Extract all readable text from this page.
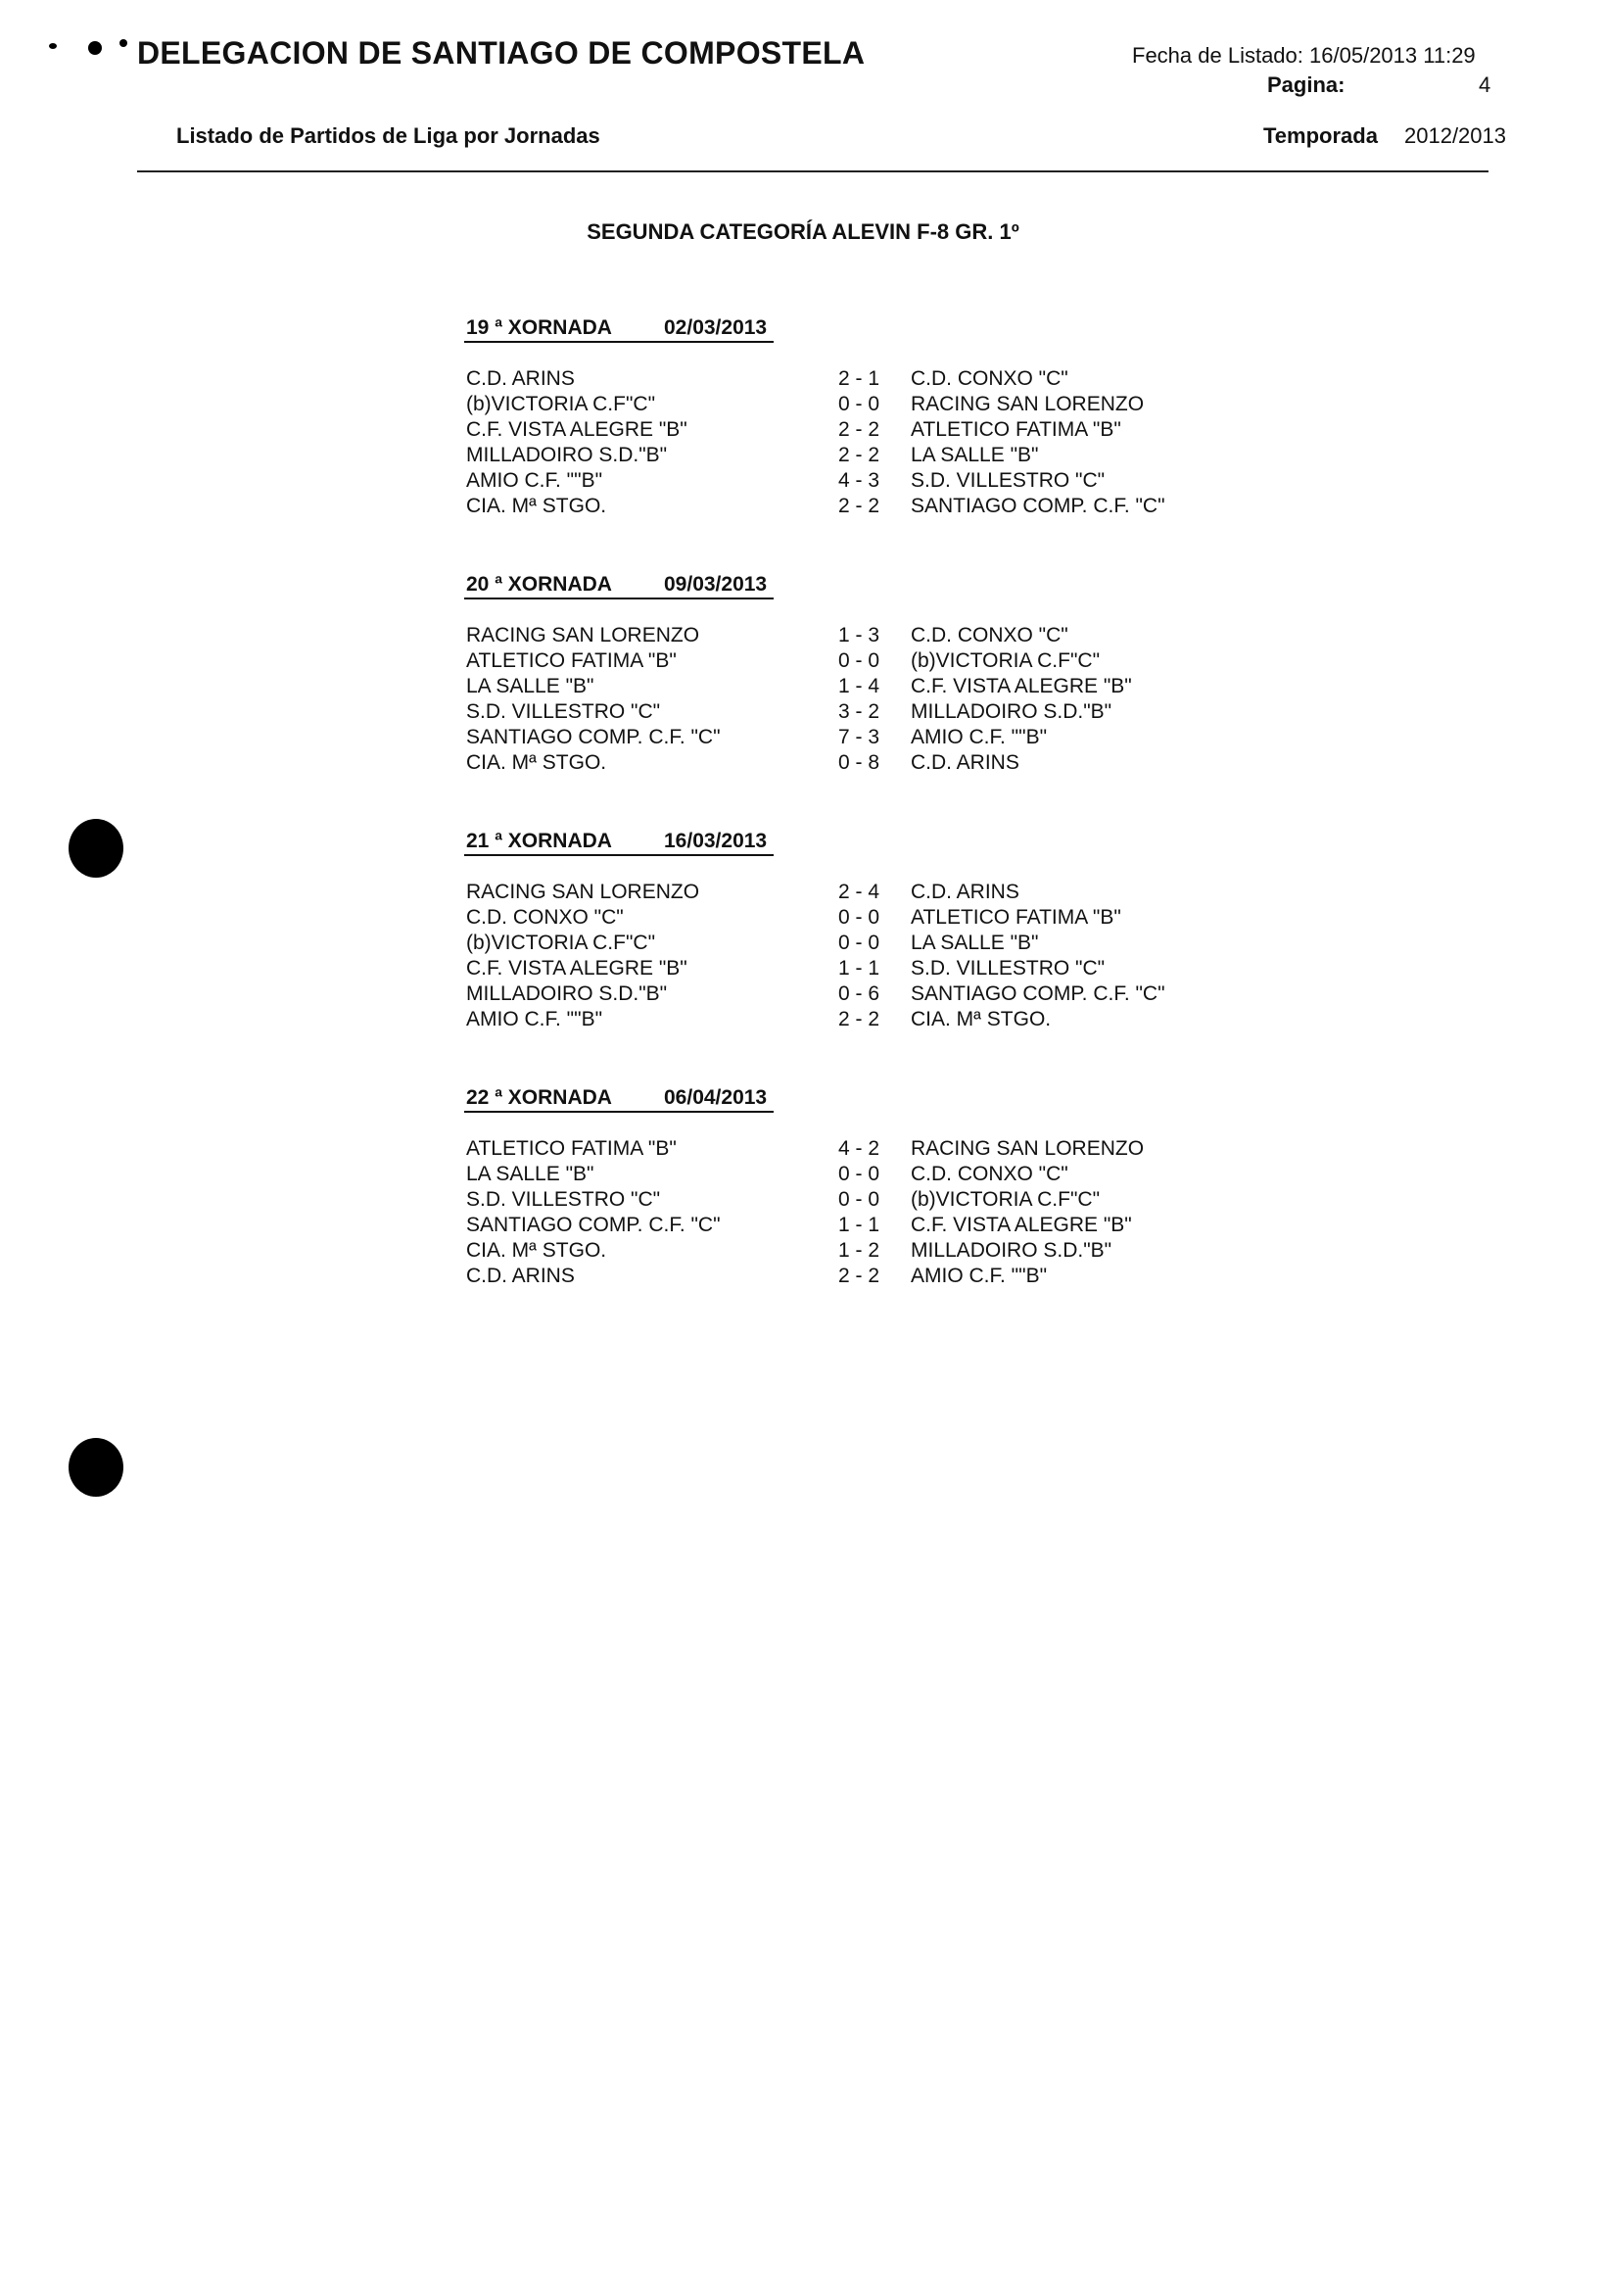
DELEGACION DE SANTIAGO DE COMPOSTELA	Fecha de Listado: 16/05/2013 11:29
Pagina:	4
Listado de Partidos de Liga por Jornadas	Temporada 2012/2013
SEGUNDA CATEGORÍA ALEVIN F-8 GR. 1º
19 ª XORNADA	02/03/2013
C.D. ARINS	2 - 1 C.D. CONXO "C"
(b)VICTORIA C.F"C"	0 - 0 RACING SAN LORENZO
C.F. VISTA ALEGRE "B"	2 - 2 ATLETICO FATIMA "B"
MILLADOIRO S.D."B"	2 - 2 LA SALLE "B"
AMIO C.F. ""B"	4 - 3 S.D. VILLESTRO "C"
CIA. Mª STGO.	2 - 2 SANTIAGO COMP. C.F. "C"
20 ª XORNADA	09/03/2013
RACING SAN LORENZO	1 - 3 C.D. CONXO "C"
ATLETICO FATIMA "B"	0 - 0 (b)VICTORIA C.F"C"
LA SALLE "B"	1 - 4 C.F. VISTA ALEGRE "B"
S.D. VILLESTRO "C"	3 - 2 MILLADOIRO S.D."B"
SANTIAGO COMP. C.F. "C"	7 - 3 AMIO C.F. ""B"
CIA. Mª STGO.	0 - 8 C.D. ARINS
21 ª XORNADA	16/03/2013
RACING SAN LORENZO	2 - 4 C.D. ARINS
C.D. CONXO "C"	0 - 0 ATLETICO FATIMA "B"
(b)VICTORIA C.F"C"	0 - 0 LA SALLE "B"
C.F. VISTA ALEGRE "B"	1 - 1 S.D. VILLESTRO "C"
MILLADOIRO S.D."B"	0 - 6 SANTIAGO COMP. C.F. "C"
AMIO C.F. ""B"	2 - 2 CIA. Mª STGO.
22 ª XORNADA	06/04/2013
ATLETICO FATIMA "B"	4 - 2 RACING SAN LORENZO
LA SALLE "B"	0 - 0 C.D. CONXO "C"
S.D. VILLESTRO "C"	0 - 0 (b)VICTORIA C.F"C"
SANTIAGO COMP. C.F. "C"	1 - 1 C.F. VISTA ALEGRE "B"
CIA. Mª STGO.	1 - 2 MILLADOIRO S.D."B"
C.D. ARINS	2 - 2 AMIO C.F. ""B"
